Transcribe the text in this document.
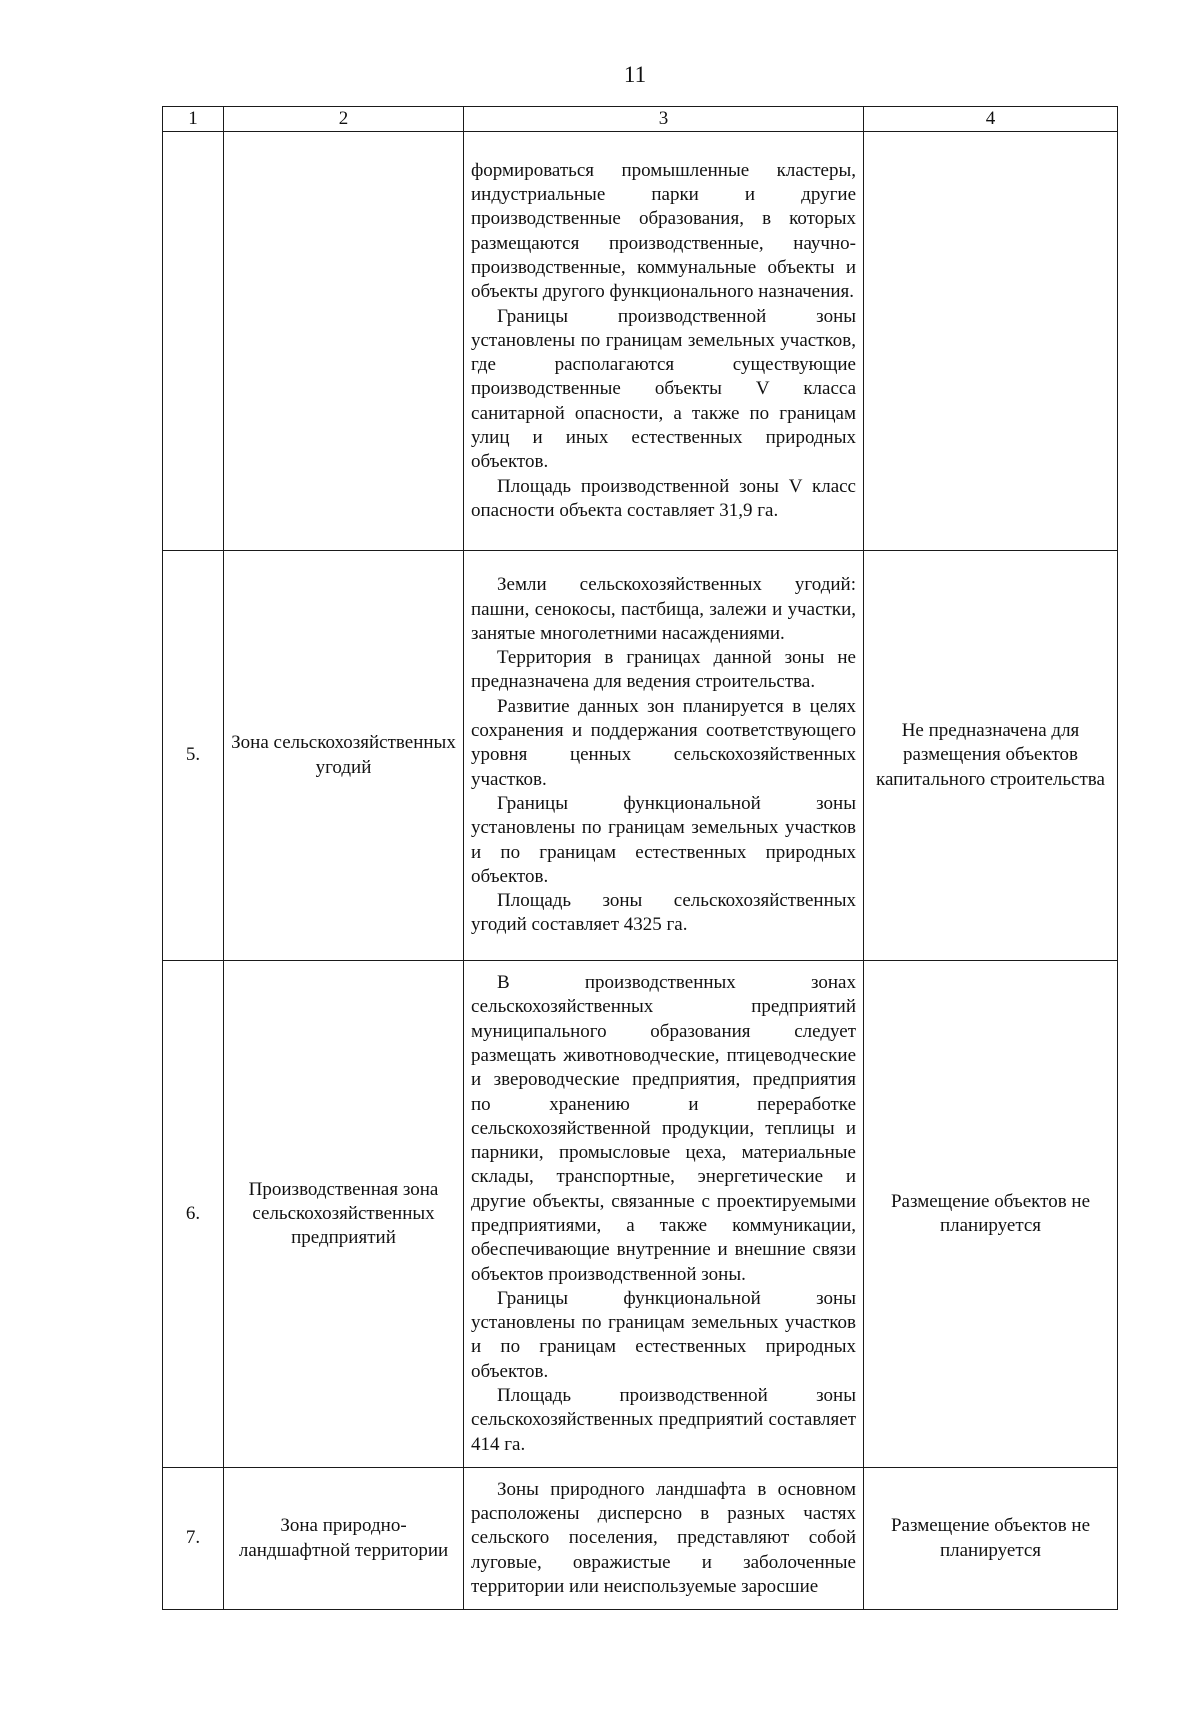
11
1	2	3	4

		формироваться промышленные кластеры, индустриальные парки и другие производственные образования, в которых размещаются производственные, научно-производственные, коммунальные объекты и объекты другого функционального назначения.

Границы производственной зоны установлены по границам земельных участков, где располагаются существующие производственные объекты V класса санитарной опасности, а также по границам улиц и иных естественных природных объектов.

Площадь производственной зоны V класс опасности объекта составляет 31,9 га.	

5.	Зона сельскохозяйственных угодий	Земли сельскохозяйственных угодий: пашни, сенокосы, пастбища, залежи и участки, занятые многолетними насаждениями.

Территория в границах данной зоны не предназначена для ведения строительства.

Развитие данных зон планируется в целях сохранения и поддержания соответствующего уровня ценных сельскохозяйственных участков.

Границы функциональной зоны установлены по границам земельных участков и по границам естественных природных объектов.

Площадь зоны сельскохозяйственных угодий составляет 4325 га.	Не предназначена для размещения объектов капитального строительства
6.	Производственная зона сельскохозяйственных предприятий	В производственных зонах сельскохозяйственных предприятий муниципального образования следует размещать животноводческие, птицеводческие и звероводческие предприятия, предприятия по хранению и переработке сельскохозяйственной продукции, теплицы и парники, промысловые цеха, материальные склады, транспортные, энергетические и другие объекты, связанные с проектируемыми предприятиями, а также коммуникации, обеспечивающие внутренние и внешние связи объектов производственной зоны.

Границы функциональной зоны установлены по границам земельных участков и по границам естественных природных объектов.

Площадь производственной зоны сельскохозяйственных предприятий составляет 414 га.	Размещение объектов не планируется
7.	Зона природно-ландшафтной территории	Зоны природного ландшафта в основном расположены дисперсно в разных частях сельского поселения, представляют собой луговые, овражистые и заболоченные территории или неиспользуемые заросшие	Размещение объектов не планируется
